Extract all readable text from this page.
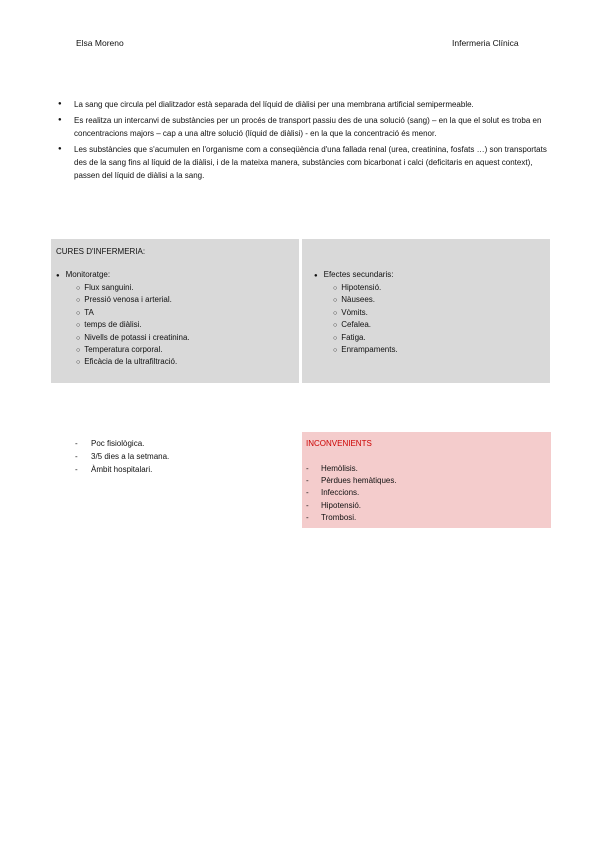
Elsa Moreno	Infermeria Clínica
● La sang que circula pel dialitzador està separada del líquid de diàlisi per una membrana artificial semipermeable.
● Es realitza un intercanvi de substàncies per un procés de transport passiu des de una solució (sang) – en la que el solut es troba en concentracions majors – cap a una altre solució (líquid de diàlisi) - en la que la concentració és menor.
● Les substàncies que s'acumulen en l'organisme com a conseqüència d'una fallada renal (urea, creatinina, fosfats …) son transportats des de la sang fins al líquid de la diàlisi, i de la mateixa manera, substàncies com bicarbonat i calci (deficitaris en aquest context), passen del líquid de diàlisi a la sang.
CURES D'INFERMERIA:
● Monitoratge:
○ Flux sanguini.
○ Pressió venosa i arterial.
○ TA
○ temps de diàlisi.
○ Nivells de potassi i creatinina.
○ Temperatura corporal.
○ Eficàcia de la ultrafiltració.
● Efectes secundaris:
○ Hipotensió.
○ Nàusees.
○ Vòmits.
○ Cefalea.
○ Fatiga.
○ Enrampaments.
- Poc fisiològica.
- 3/5 dies a la setmana.
- Àmbit hospitalari.
INCONVENIENTS
- Hemòlisis.
- Pèrdues hemàtiques.
- Infeccions.
- Hipotensió.
- Trombosi.
